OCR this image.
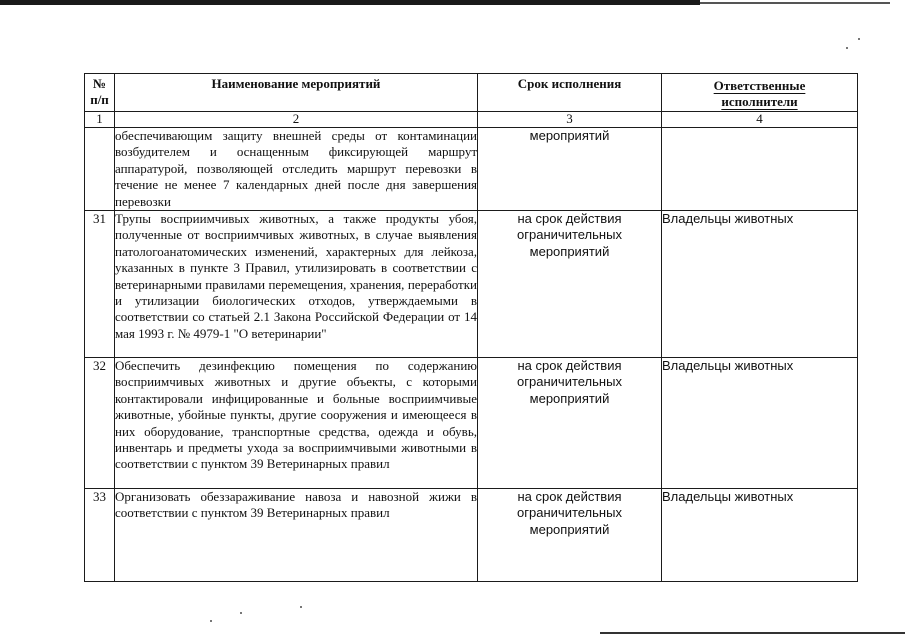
№
п/п	Наименование мероприятий	Срок исполнения	Ответственные
исполнители
1	2	3	4
	обеспечивающим защиту внешней среды от контаминации возбудителем и оснащенным фиксирующей маршрут аппаратурой, позволяющей отследить маршрут перевозки в течение не менее 7 календарных дней после дня завершения перевозки	мероприятий	
31	Трупы восприимчивых животных, а также продукты убоя, полученные от восприимчивых животных, в случае выявления патологоанатомических изменений, характерных для лейкоза, указанных в пункте 3 Правил, утилизировать в соответствии с ветеринарными правилами перемещения, хранения, переработки и утилизации биологических отходов, утверждаемыми в соответствии со статьей 2.1 Закона Российской Федерации от 14 мая 1993 г. № 4979-1 "О ветеринарии"	на срок действия ограничительных мероприятий	Владельцы животных
32	Обеспечить дезинфекцию помещения по содержанию восприимчивых животных и другие объекты, с которыми контактировали инфицированные и больные восприимчивые животные, убойные пункты, другие сооружения и имеющееся в них оборудование, транспортные средства, одежда и обувь, инвентарь и предметы ухода за восприимчивыми животными в соответствии с пунктом 39 Ветеринарных правил	на срок действия ограничительных мероприятий	Владельцы животных
33	Организовать обеззараживание навоза и навозной жижи в соответствии с пунктом 39 Ветеринарных правил	на срок действия ограничительных мероприятий	Владельцы животных
